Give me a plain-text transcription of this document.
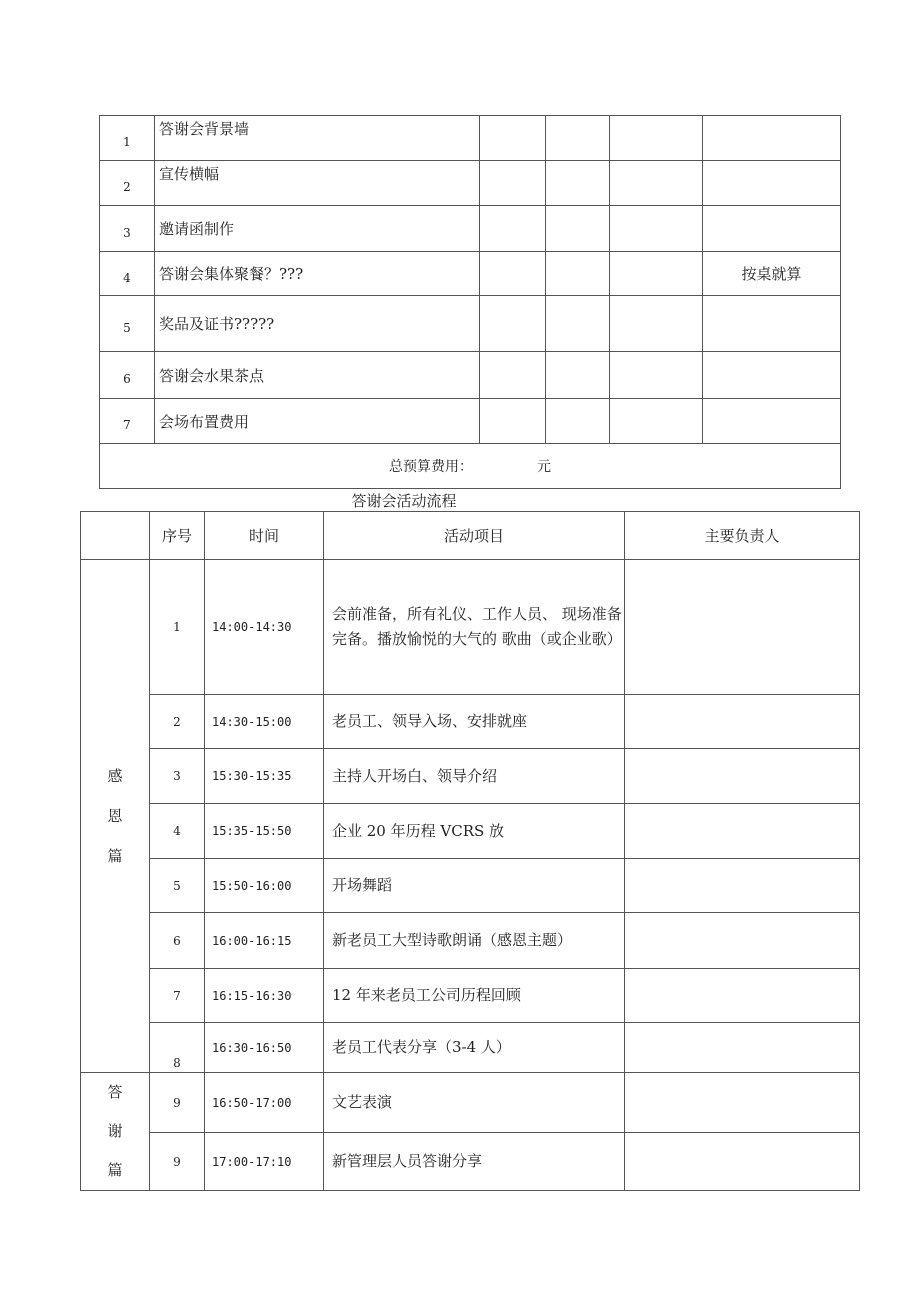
1	答谢会背景墙				
2	宣传横幅				
3	邀请函制作				
4	答谢会集体聚餐？???				按桌就算
5	奖品及证书?????				
6	答谢会水果茶点				
7	会场布置费用				
总预算费用： 元					
答谢会活动流程
	序号	时间	活动项目	主要负责人

感
恩
篇	1	14:00-14:30	会前准备，所有礼仪、工作人员、 现场准备完备。播放愉悦的大气的 歌曲（或企业歌）	
	2	14:30-15:00	老员工、领导入场、安排就座	
	3	15:30-15:35	主持人开场白、领导介绍	
	4	15:35-15:50	企业 20 年历程 VCRS 放	
	5	15:50-16:00	开场舞蹈	
	6	16:00-16:15	新老员工大型诗歌朗诵（感恩主题）	
	7	16:15-16:30	12 年来老员工公司历程回顾	
	8	16:30-16:50	老员工代表分享（3-4 人）	

答
谢
篇	9	16:50-17:00	文艺表演	
	9	17:00-17:10	新管理层人员答谢分享	
